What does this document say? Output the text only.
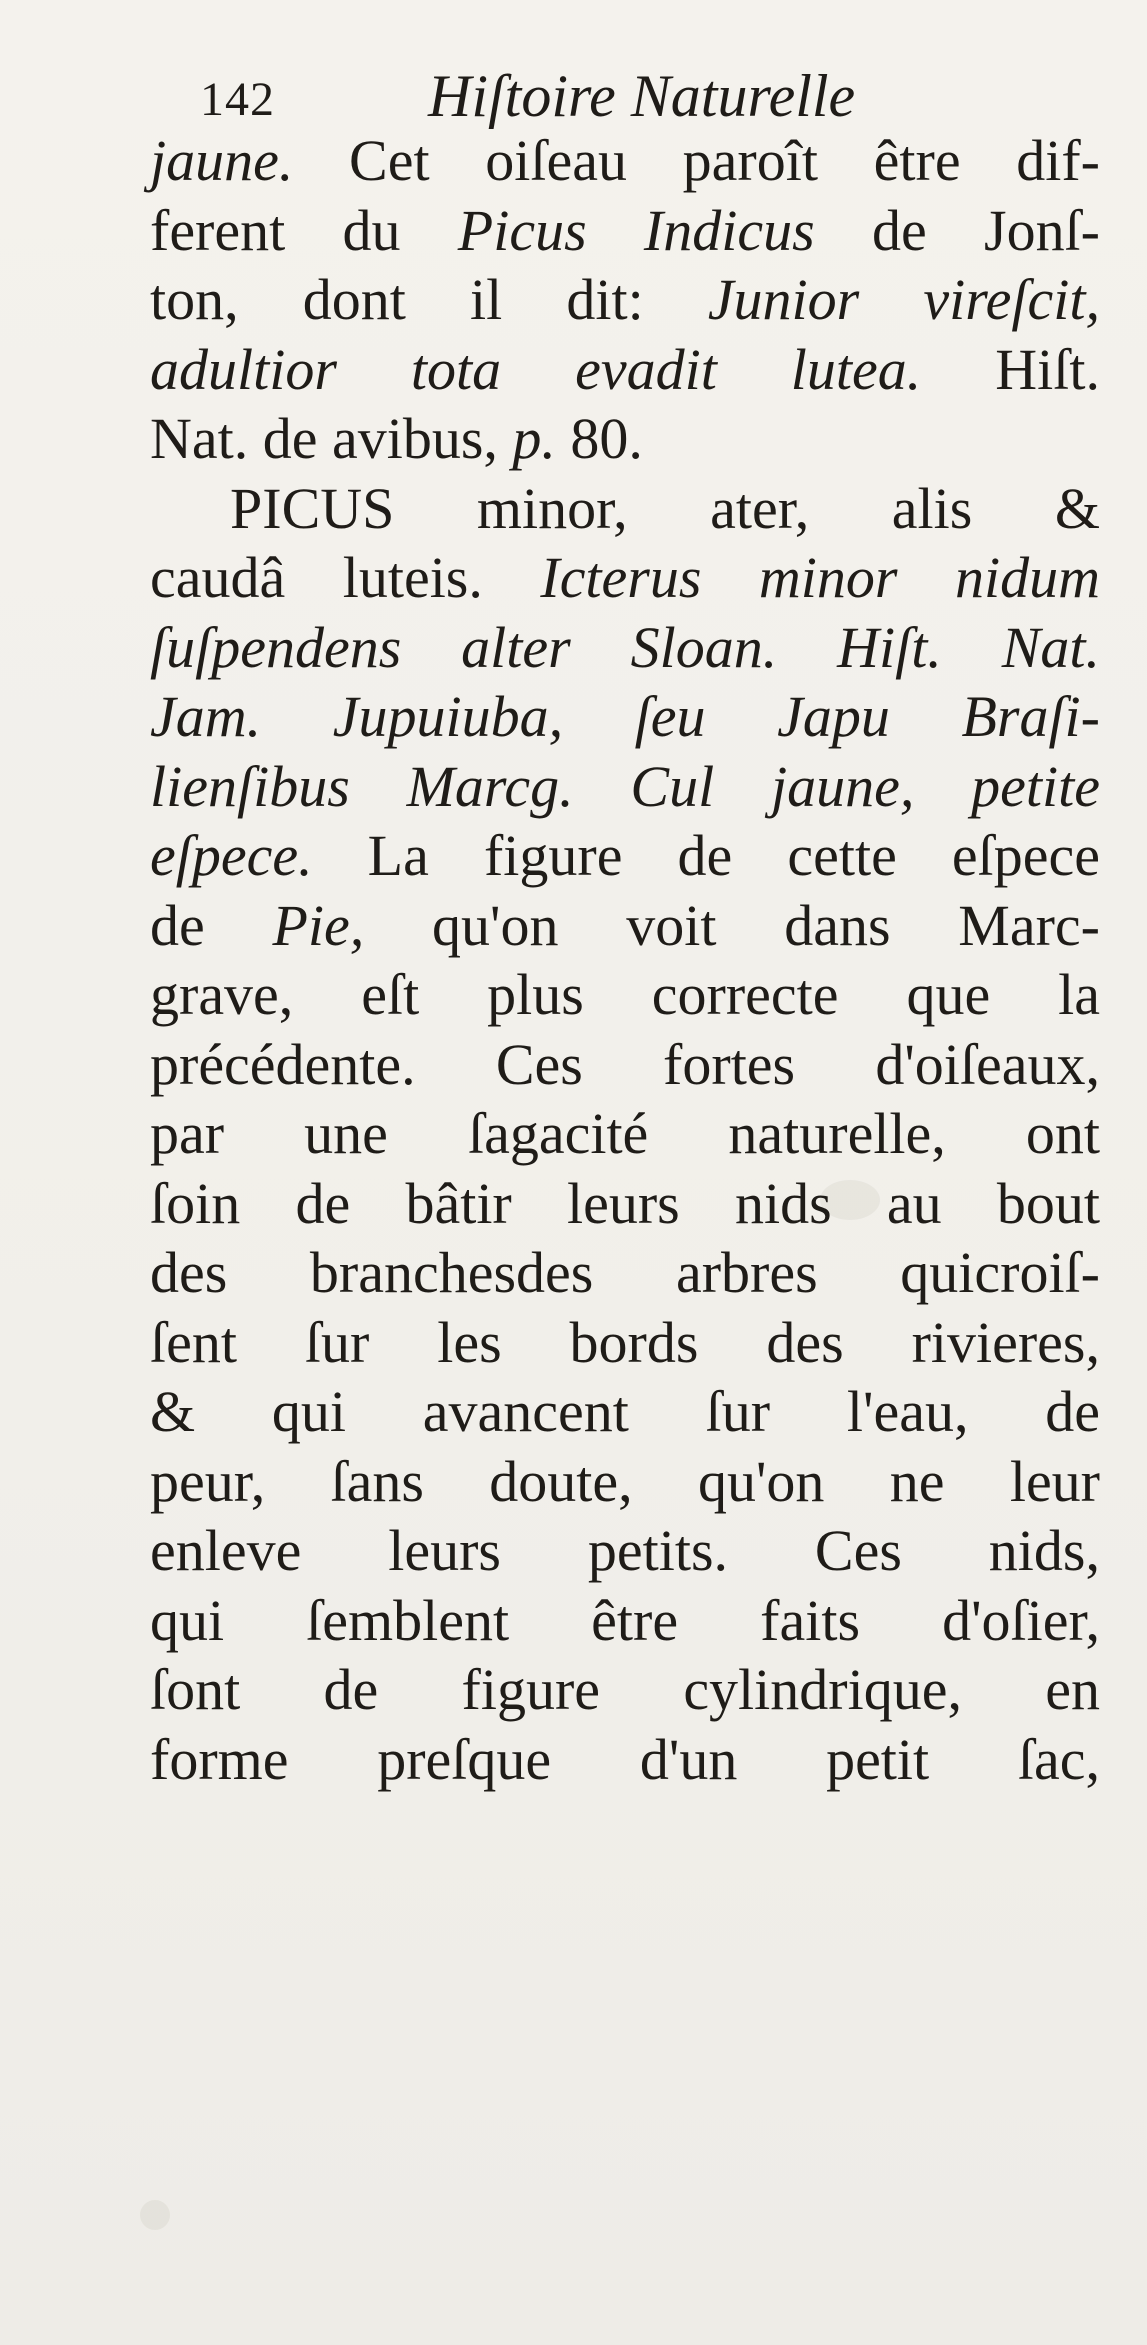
142	Hiſtoire Naturelle
jaune. Cet oiſeau paroît être dif-
ferent du Picus Indicus de Jonſ-
ton, dont il dit: Junior vireſcit,
adultior tota evadit lutea. Hiſt.
Nat. de avibus, p. 80.
PICUS minor, ater, alis &
caudâ luteis. Icterus minor nidum
ſuſpendens alter Sloan. Hiſt. Nat.
Jam. Jupuiuba, ſeu Japu Braſi-
lienſibus Marcg. Cul jaune, petite
eſpece. La figure de cette eſpece
de Pie, qu'on voit dans Marc-
grave, eſt plus correcte que la
précédente. Ces fortes d'oiſeaux,
par une ſagacité naturelle, ont
ſoin de bâtir leurs nids au bout
des branchesdes arbres quicroiſ-
ſent ſur les bords des rivieres,
& qui avancent ſur l'eau, de
peur, ſans doute, qu'on ne leur
enleve leurs petits. Ces nids,
qui ſemblent être faits d'oſier,
ſont de figure cylindrique, en
forme preſque d'un petit ſac,
